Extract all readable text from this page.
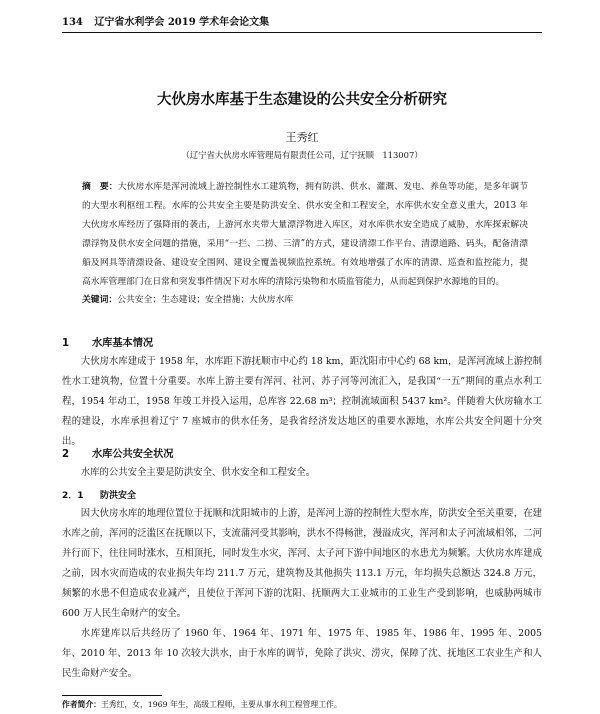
134 辽宁省水利学会 2019 学术年会论文集
大伙房水库基于生态建设的公共安全分析研究
王秀红
（辽宁省大伙房水库管理局有限责任公司，辽宁抚顺　113007）

摘　要：大伙房水库是浑河流域上游控制性水工建筑物，拥有防洪、供水、灌溉、发电、养鱼等功能，是多年调节的大型水利枢纽工程。水库的公共安全主要是防洪安全、供水安全和工程安全，水库供水安全意义重大，2013 年大伙房水库经历了强降雨的袭击，上游河水夹带大量漂浮物进入库区，对水库供水安全造成了威胁，水库探索解决漂浮物及供水安全问题的措施，采用“一拦、二捞、三清”的方式，建设清漂工作平台、清漂道路、码头，配备清漂船及网具等清漂设备、建设安全围网、建设全覆盖视频监控系统。有效地增强了水库的清漂、巡查和监控能力，提高水库管理部门在日常和突发事件情况下对水库的清除污染物和水质监管能力，从而起到保护水源地的目的。

关键词：公共安全；生态建设；安全措施；大伙房水库

1 水库基本情况

大伙房水库建成于 1958 年，水库距下游抚顺市中心约 18 km，距沈阳市中心约 68 km，是浑河流域上游控制性水工建筑物，位置十分重要。水库上游主要有浑河、社河、苏子河等河流汇入，是我国“一五”期间的重点水利工程，1954 年动工，1958 年竣工并投入运用，总库容 22.68 m³；控制流域面积 5437 km²。伴随着大伙房输水工程的建设，水库承担着辽宁 7 座城市的供水任务，是我省经济发达地区的重要水源地，水库公共安全问题十分突出。

2 水库公共安全状况

水库的公共安全主要是防洪安全、供水安全和工程安全。

2．1 防洪安全

因大伙房水库的地理位置位于抚顺和沈阳城市的上游，是浑河上游的控制性大型水库，防洪安全至关重要，在建水库之前，浑河的泛滥区在抚顺以下，支流蒲河受其影响，洪水不得畅泄，漫溢成灾，浑河和太子河流域相邻，二河并行而下，往往同时涨水，互相顶托，同时发生水灾，浑河、太子河下游中间地区的水患尤为频繁。大伙房水库建成之前，因水灾而造成的农业损失年均 211.7 万元，建筑物及其他损失 113.1 万元，年均损失总额达 324.8 万元，频繁的水患不但造成农业减产，且使位于浑河下游的沈阳、抚顺两大工业城市的工业生产受到影响，也威胁两城市 600 万人民生命财产的安全。

水库建库以后共经历了 1960 年、1964 年、1971 年、1975 年、1985 年、1986 年、1995 年、2005 年、2010 年、2013 年 10 次较大洪水，由于水库的调节，免除了洪灾、涝灾，保障了沈、抚地区工农业生产和人民生命财产安全。

作者简介：王秀红，女，1969 年生，高级工程师，主要从事水利工程管理工作。
